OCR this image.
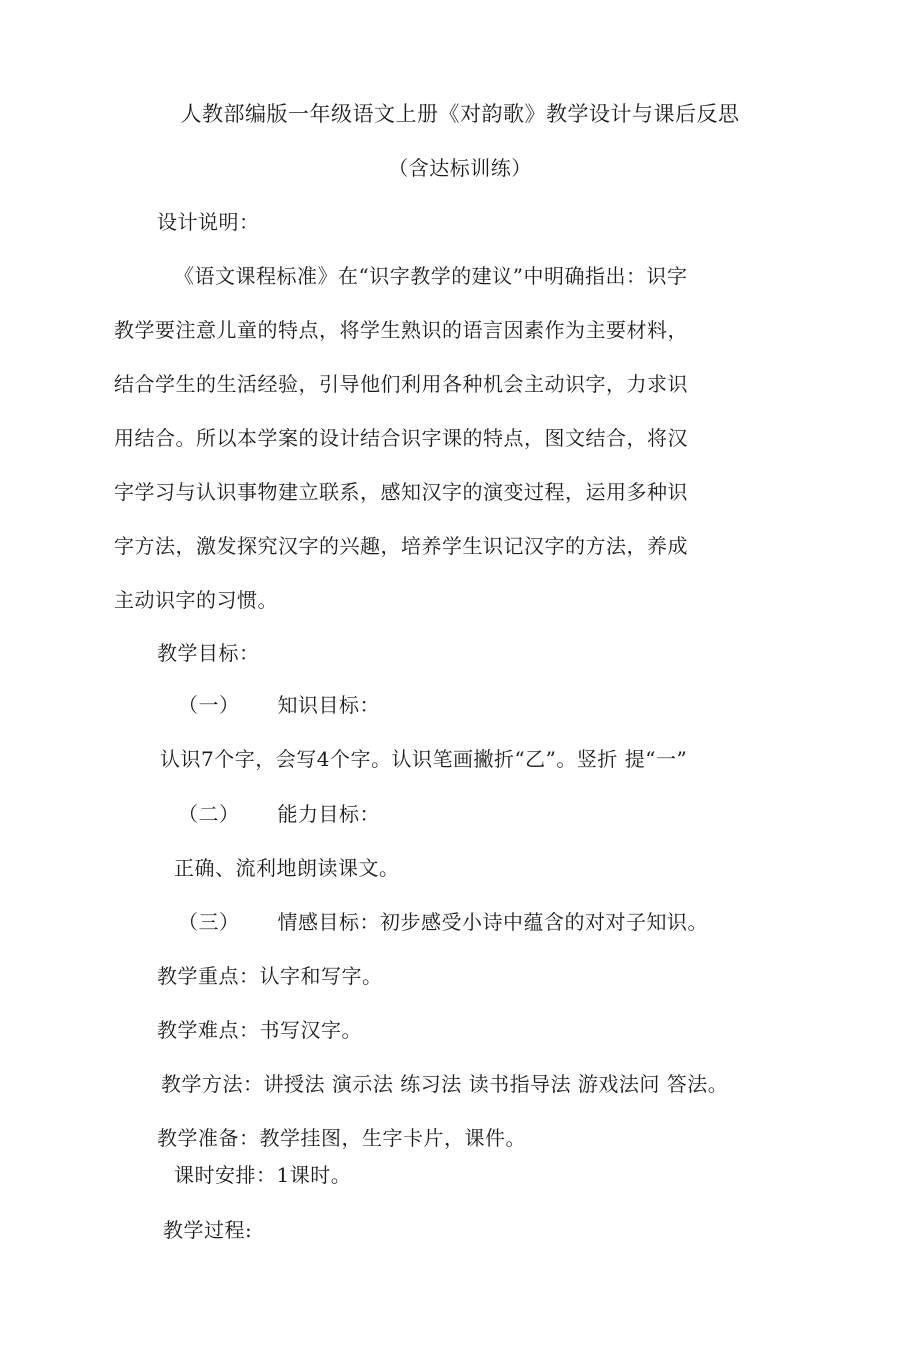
人教部编版一年级语文上册《对韵歌》教学设计与课后反思
（含达标训练）
设计说明：
《语文课程标准》在“识字教学的建议”中明确指出：识字
教学要注意儿童的特点，将学生熟识的语言因素作为主要材料，
结合学生的生活经验，引导他们利用各种机会主动识字，力求识
用结合。所以本学案的设计结合识字课的特点，图文结合，将汉
字学习与认识事物建立联系，感知汉字的演变过程，运用多种识
字方法，激发探究汉字的兴趣，培养学生识记汉字的方法，养成
主动识字的习惯。
教学目标：
（一） 知识目标：
认识7个字，会写4个字。认识笔画撇折“乙”。竖折 提“一”
（二） 能力目标：
正确、流利地朗读课文。
（三） 情感目标：初步感受小诗中蕴含的对对子知识。
教学重点：认字和写字。
教学难点：书写汉字。
教学方法：讲授法 演示法 练习法 读书指导法 游戏法问 答法。
教学准备：教学挂图，生字卡片，课件。
课时安排：1课时。
教学过程:
